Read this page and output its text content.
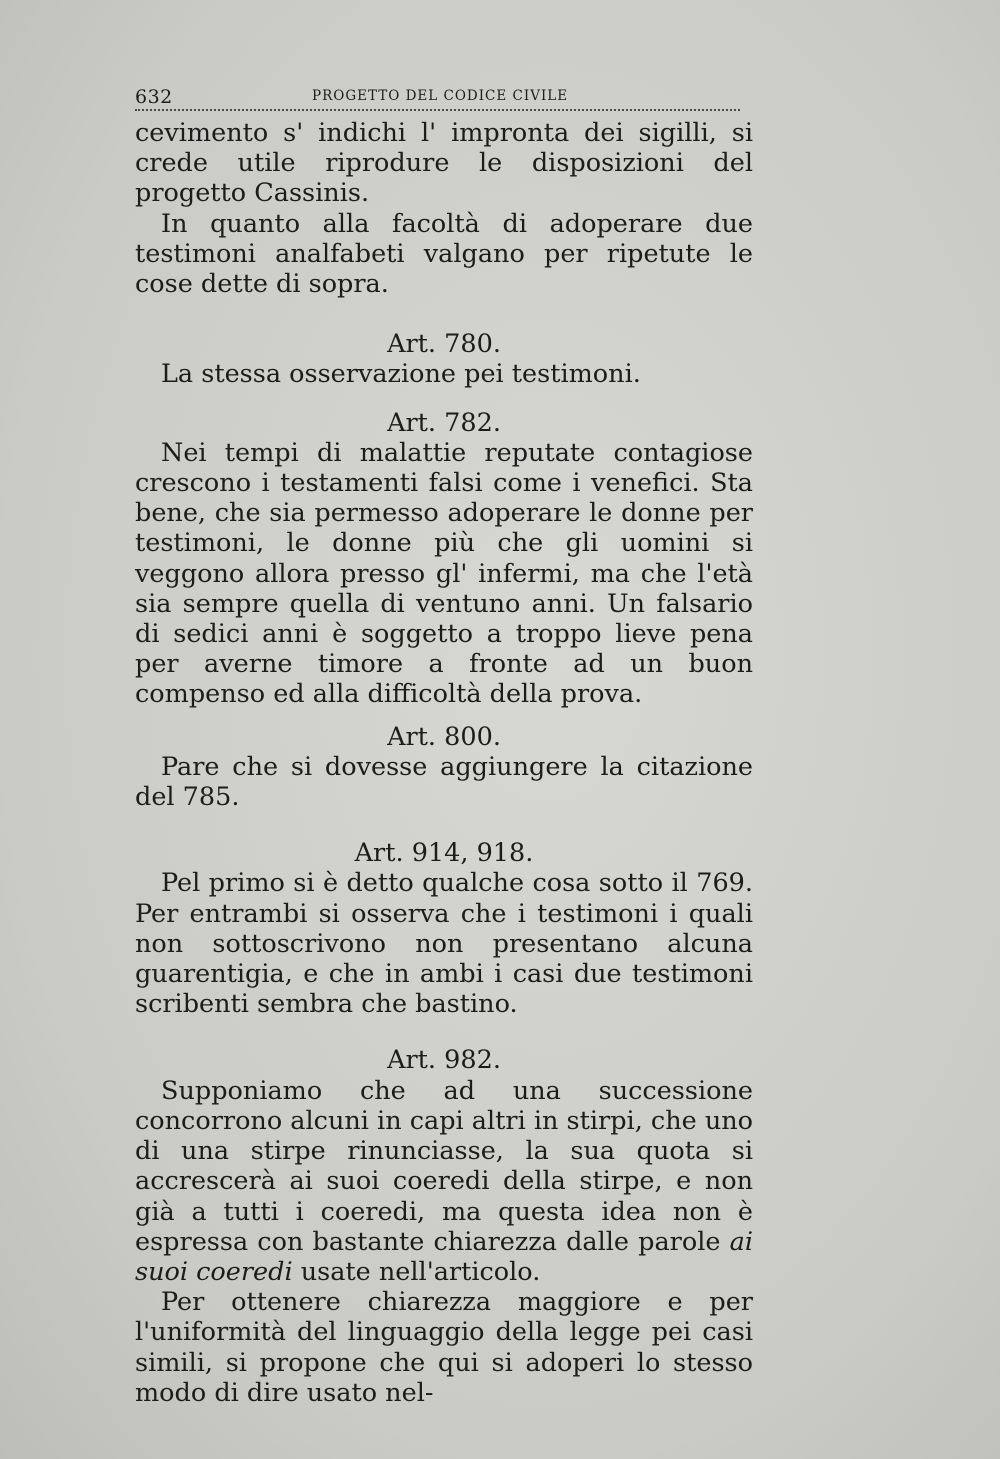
632	PROGETTO DEL CODICE CIVILE

cevimento s' indichi l' impronta dei sigilli, si crede utile riprodure le disposizioni del progetto Cassinis.

In quanto alla facoltà di adoperare due testimoni analfabeti valgano per ripetute le cose dette di sopra.

Art. 780.

La stessa osservazione pei testimoni.

Art. 782.

Nei tempi di malattie reputate contagiose crescono i testamenti falsi come i venefici. Sta bene, che sia permesso adoperare le donne per testimoni, le donne più che gli uomini si veggono allora presso gl' infermi, ma che l'età sia sempre quella di ventuno anni. Un falsario di sedici anni è soggetto a troppo lieve pena per averne timore a fronte ad un buon compenso ed alla difficoltà della prova.

Art. 800.

Pare che si dovesse aggiungere la citazione del 785.

Art. 914, 918.

Pel primo si è detto qualche cosa sotto il 769. Per entrambi si osserva che i testimoni i quali non sottoscrivono non presentano alcuna guarentigia, e che in ambi i casi due testimoni scribenti sembra che bastino.

Art. 982.

Supponiamo che ad una successione concorrono alcuni in capi altri in stirpi, che uno di una stirpe rinunciasse, la sua quota si accrescerà ai suoi coeredi della stirpe, e non già a tutti i coeredi, ma questa idea non è espressa con bastante chiarezza dalle parole ai suoi coeredi usate nell'articolo.

Per ottenere chiarezza maggiore e per l'uniformità del linguaggio della legge pei casi simili, si propone che qui si adoperi lo stesso modo di dire usato nel-
